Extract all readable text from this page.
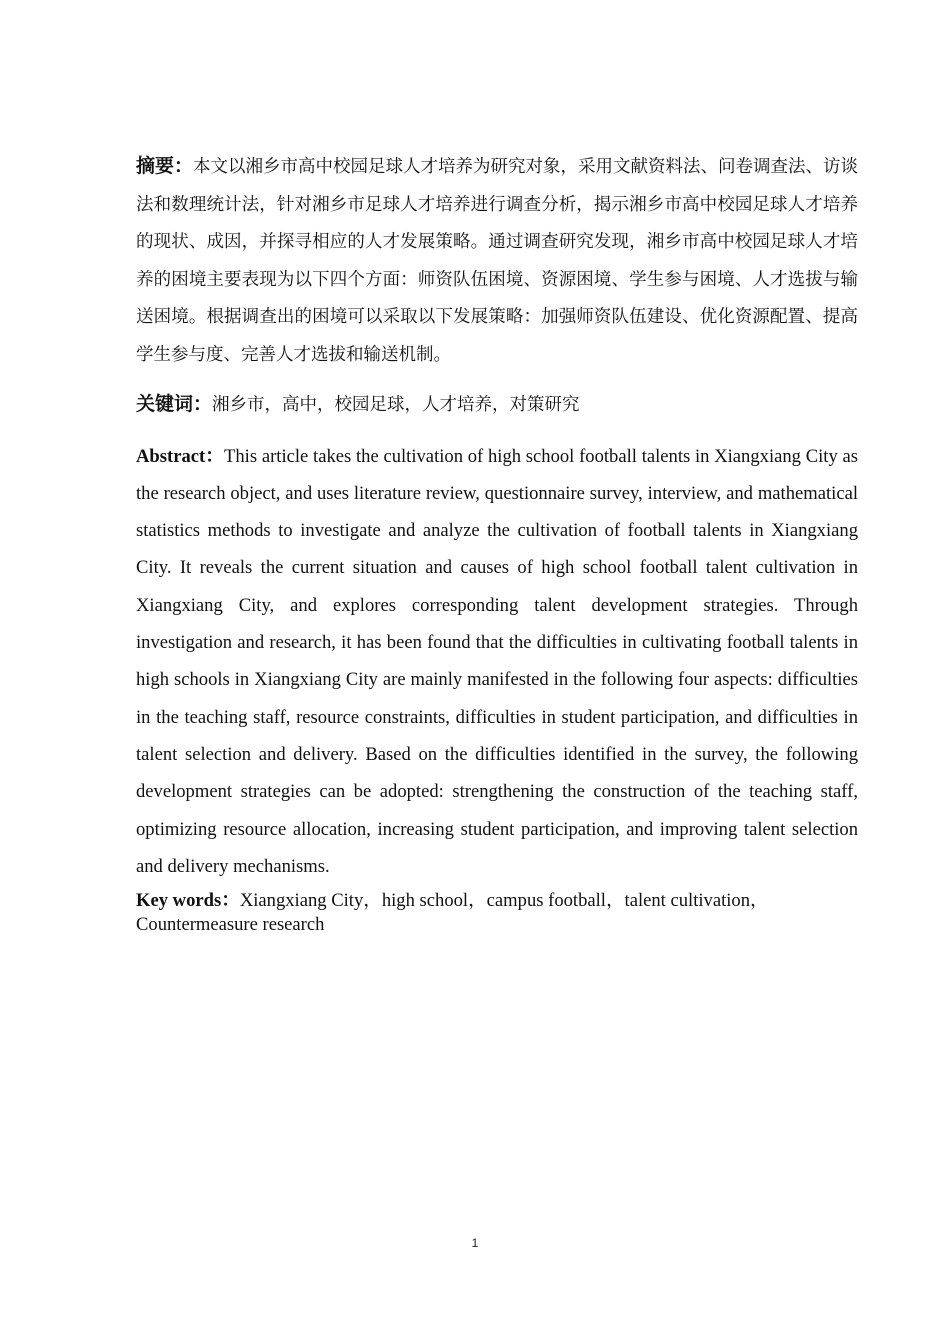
摘要：本文以湘乡市高中校园足球人才培养为研究对象，采用文献资料法、问卷调查法、访谈法和数理统计法，针对湘乡市足球人才培养进行调查分析，揭示湘乡市高中校园足球人才培养的现状、成因，并探寻相应的人才发展策略。通过调查研究发现，湘乡市高中校园足球人才培养的困境主要表现为以下四个方面：师资队伍困境、资源困境、学生参与困境、人才选拔与输送困境。根据调查出的困境可以采取以下发展策略：加强师资队伍建设、优化资源配置、提高学生参与度、完善人才选拔和输送机制。

关键词：湘乡市，高中，校园足球，人才培养，对策研究

Abstract：This article takes the cultivation of high school football talents in Xiangxiang City as the research object, and uses literature review, questionnaire survey, interview, and mathematical statistics methods to investigate and analyze the cultivation of football talents in Xiangxiang City. It reveals the current situation and causes of high school football talent cultivation in Xiangxiang City, and explores corresponding talent development strategies. Through investigation and research, it has been found that the difficulties in cultivating football talents in high schools in Xiangxiang City are mainly manifested in the following four aspects: difficulties in the teaching staff, resource constraints, difficulties in student participation, and difficulties in talent selection and delivery. Based on the difficulties identified in the survey, the following development strategies can be adopted: strengthening the construction of the teaching staff, optimizing resource allocation, increasing student participation, and improving talent selection and delivery mechanisms.

Key words：Xiangxiang City，high school，campus football，talent cultivation，Countermeasure research
1
